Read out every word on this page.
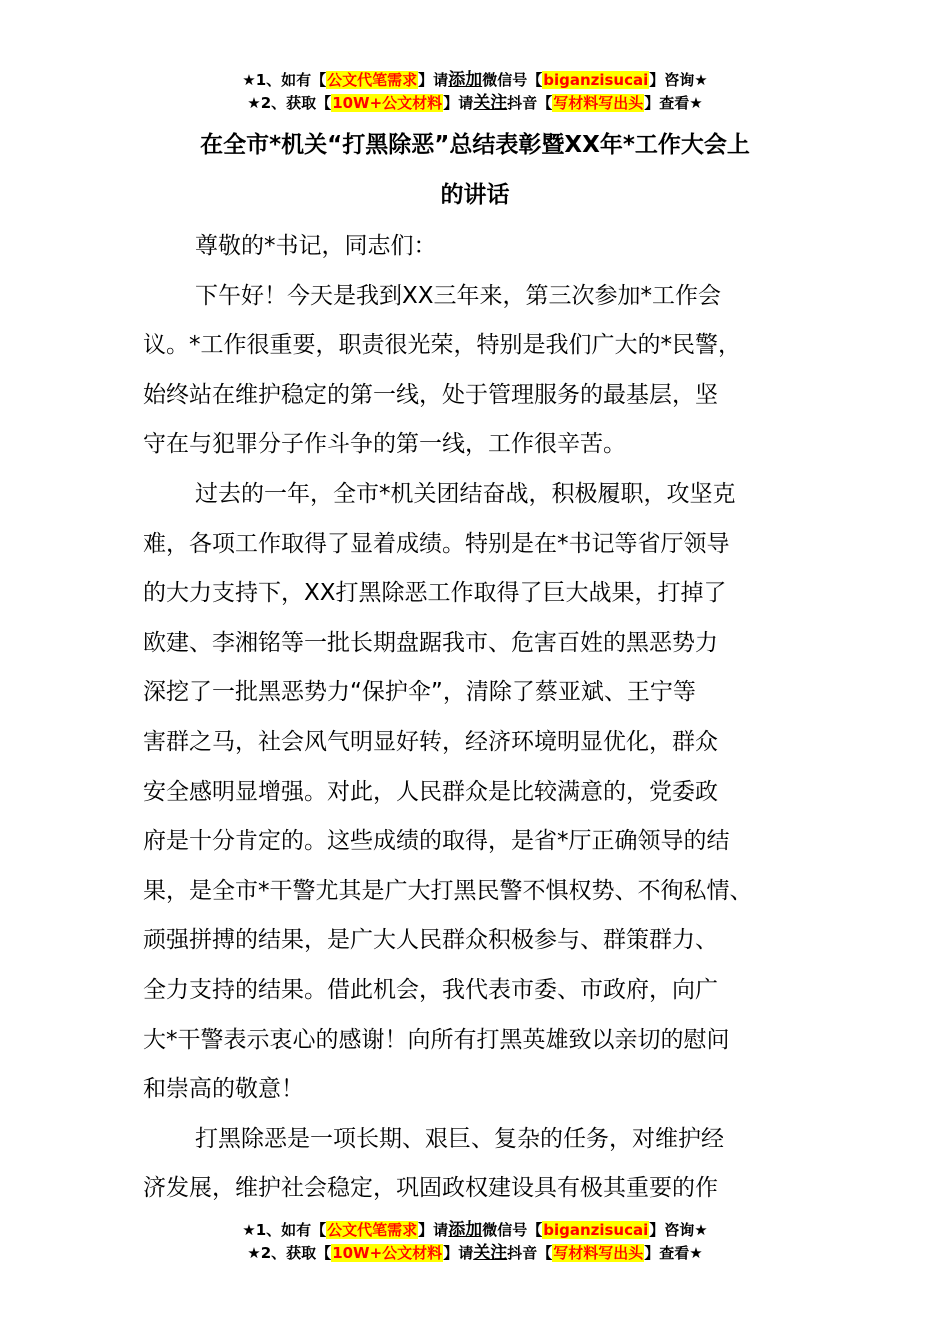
★1、如有【公文代笔需求】请添加微信号【biganzisucai】咨询★
★2、获取【10W+公文材料】请关注抖音【写材料写出头】查看★
在全市*机关“打黑除恶”总结表彰暨XX年*工作大会上
的讲话
尊敬的*书记，同志们：
下午好！今天是我到XX三年来，第三次参加*工作会
议。*工作很重要，职责很光荣，特别是我们广大的*民警，
始终站在维护稳定的第一线，处于管理服务的最基层，坚
守在与犯罪分子作斗争的第一线，工作很辛苦。
过去的一年，全市*机关团结奋战，积极履职，攻坚克
难，各项工作取得了显着成绩。特别是在*书记等省厅领导
的大力支持下，XX打黑除恶工作取得了巨大战果，打掉了
欧建、李湘铭等一批长期盘踞我市、危害百姓的黑恶势力
深挖了一批黑恶势力“保护伞”，清除了蔡亚斌、王宁等
害群之马，社会风气明显好转，经济环境明显优化，群众
安全感明显增强。对此，人民群众是比较满意的，党委政
府是十分肯定的。这些成绩的取得，是省*厅正确领导的结
果，是全市*干警尤其是广大打黑民警不惧权势、不徇私情、
顽强拼搏的结果，是广大人民群众积极参与、群策群力、
全力支持的结果。借此机会，我代表市委、市政府，向广
大*干警表示衷心的感谢！向所有打黑英雄致以亲切的慰问
和崇高的敬意！
打黑除恶是一项长期、艰巨、复杂的任务，对维护经
济发展，维护社会稳定，巩固政权建设具有极其重要的作
★1、如有【公文代笔需求】请添加微信号【biganzisucai】咨询★
★2、获取【10W+公文材料】请关注抖音【写材料写出头】查看★
